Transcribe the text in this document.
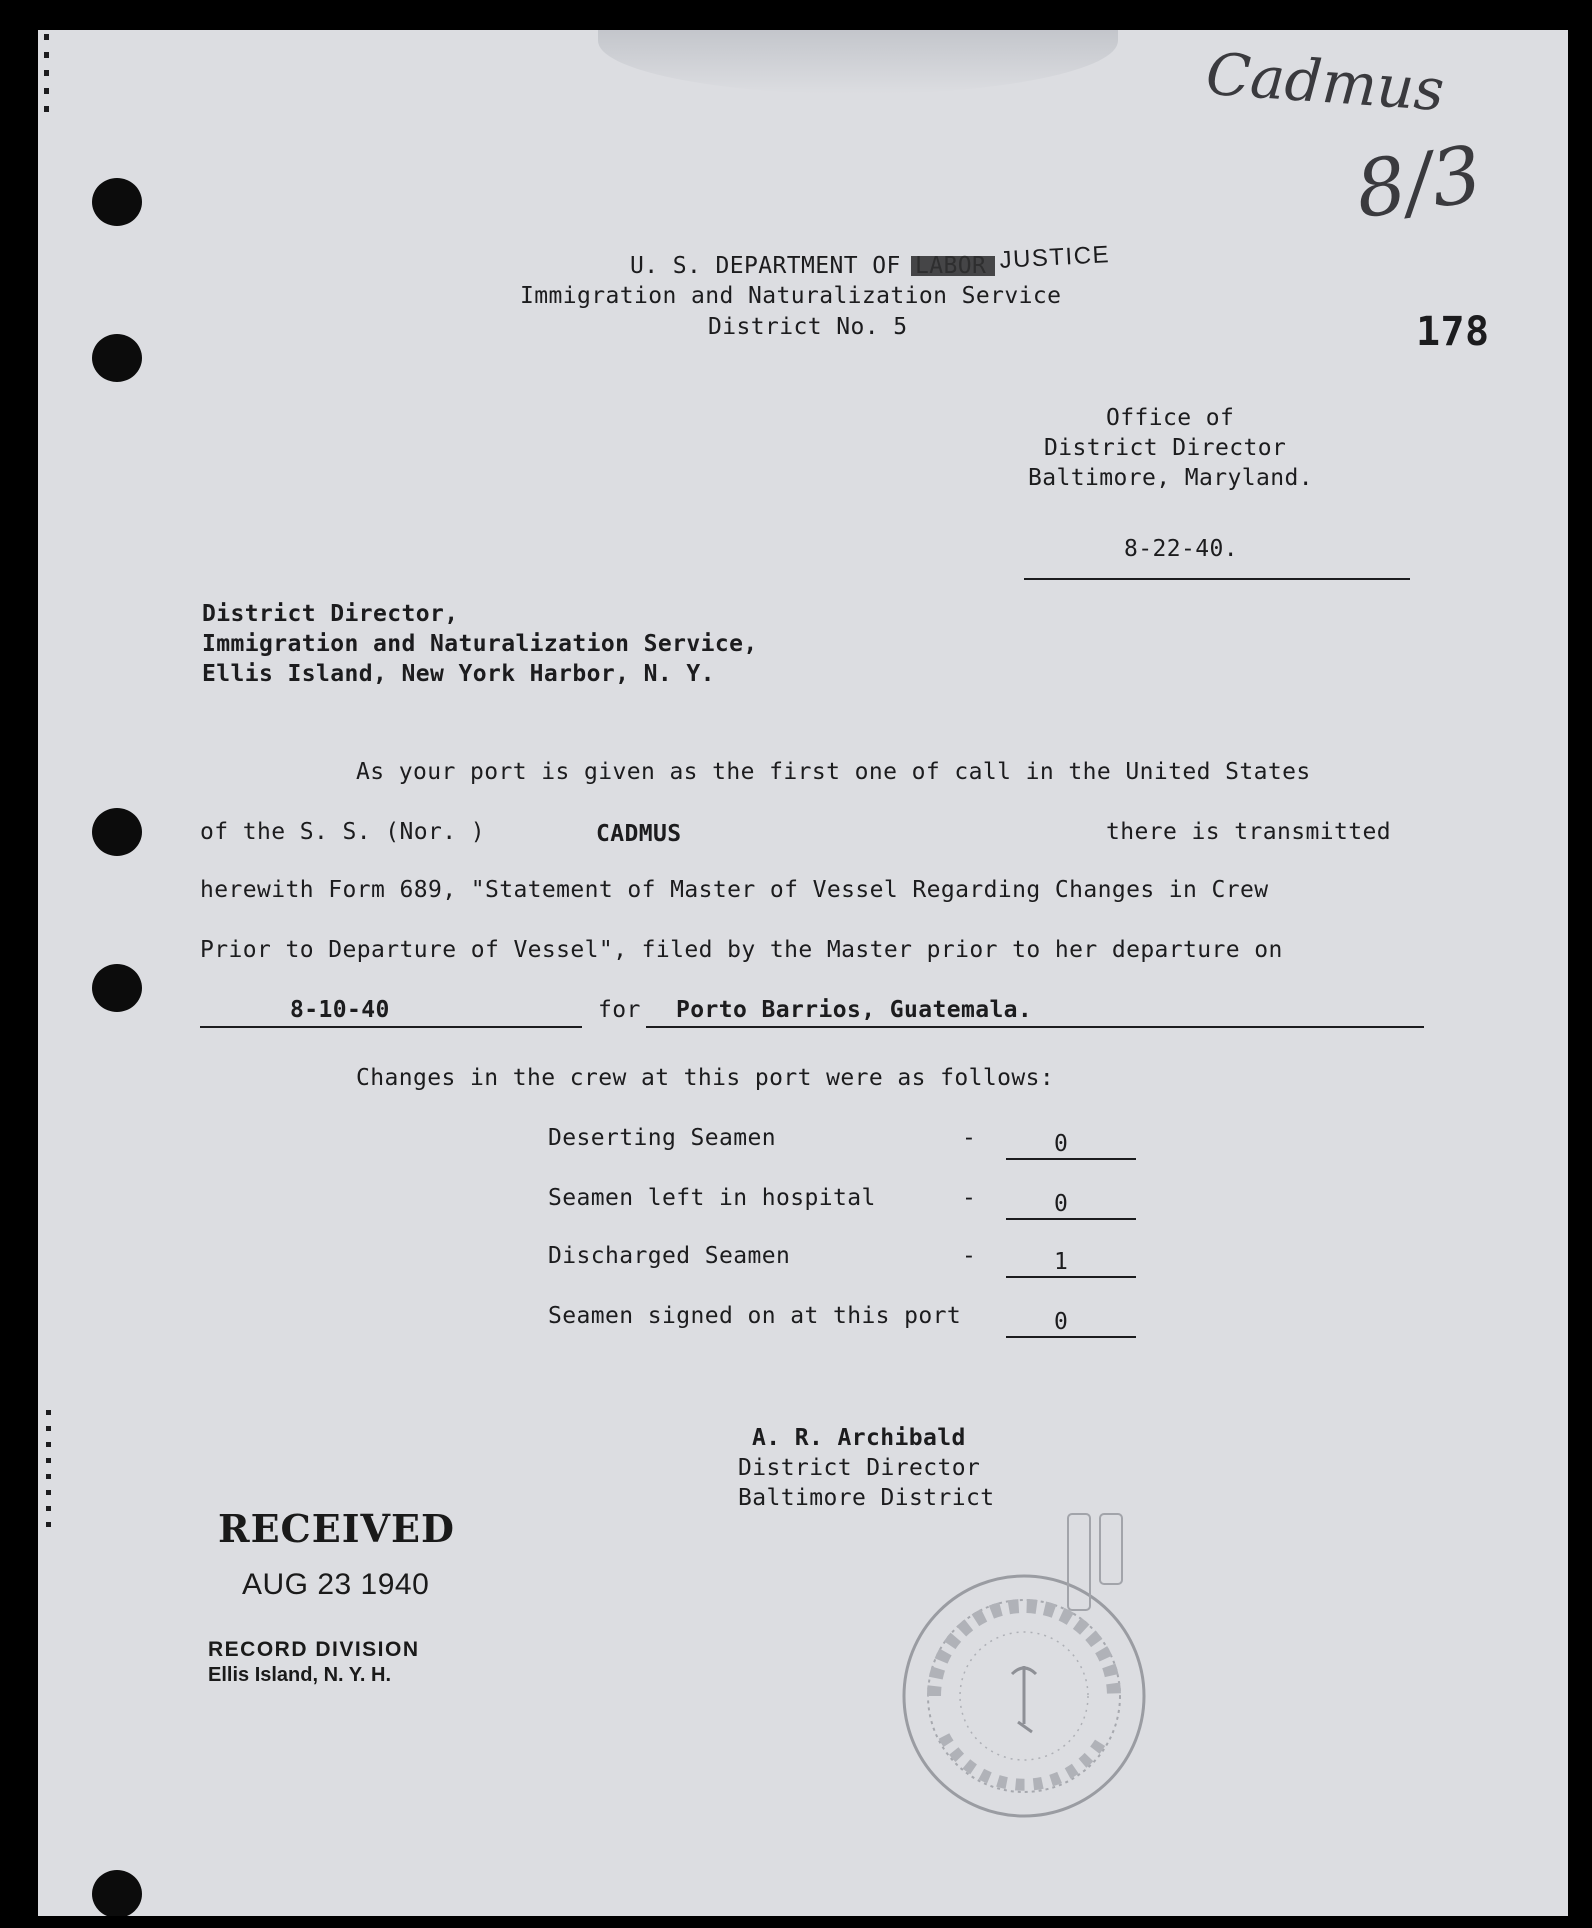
Cadmus
8/3
U. S. DEPARTMENT OF	JUSTICE
Immigration and Naturalization Service
District No. 5	178
Office of
District Director
Baltimore, Maryland.
8-22-40.
District Director,
Immigration and Naturalization Service,
Ellis Island, New York Harbor, N. Y.
As your port is given as the first one of call in the United States
of the S. S. (Nor. )	CADMUS	there is transmitted
herewith Form 689, "Statement of Master of Vessel Regarding Changes in Crew
Prior to Departure of Vessel", filed by the Master prior to her departure on
8-10-40	for Porto Barrios, Guatemala.
Changes in the crew at this port were as follows:
Deserting Seamen	-	0
Seamen left in hospital	-	0
Discharged Seamen	-	1
Seamen signed on at this port	0
A. R. Archibald
District Director
Baltimore District
RECEIVED
AUG 23 1940
RECORD DIVISION
Ellis Island, N. Y. H.
